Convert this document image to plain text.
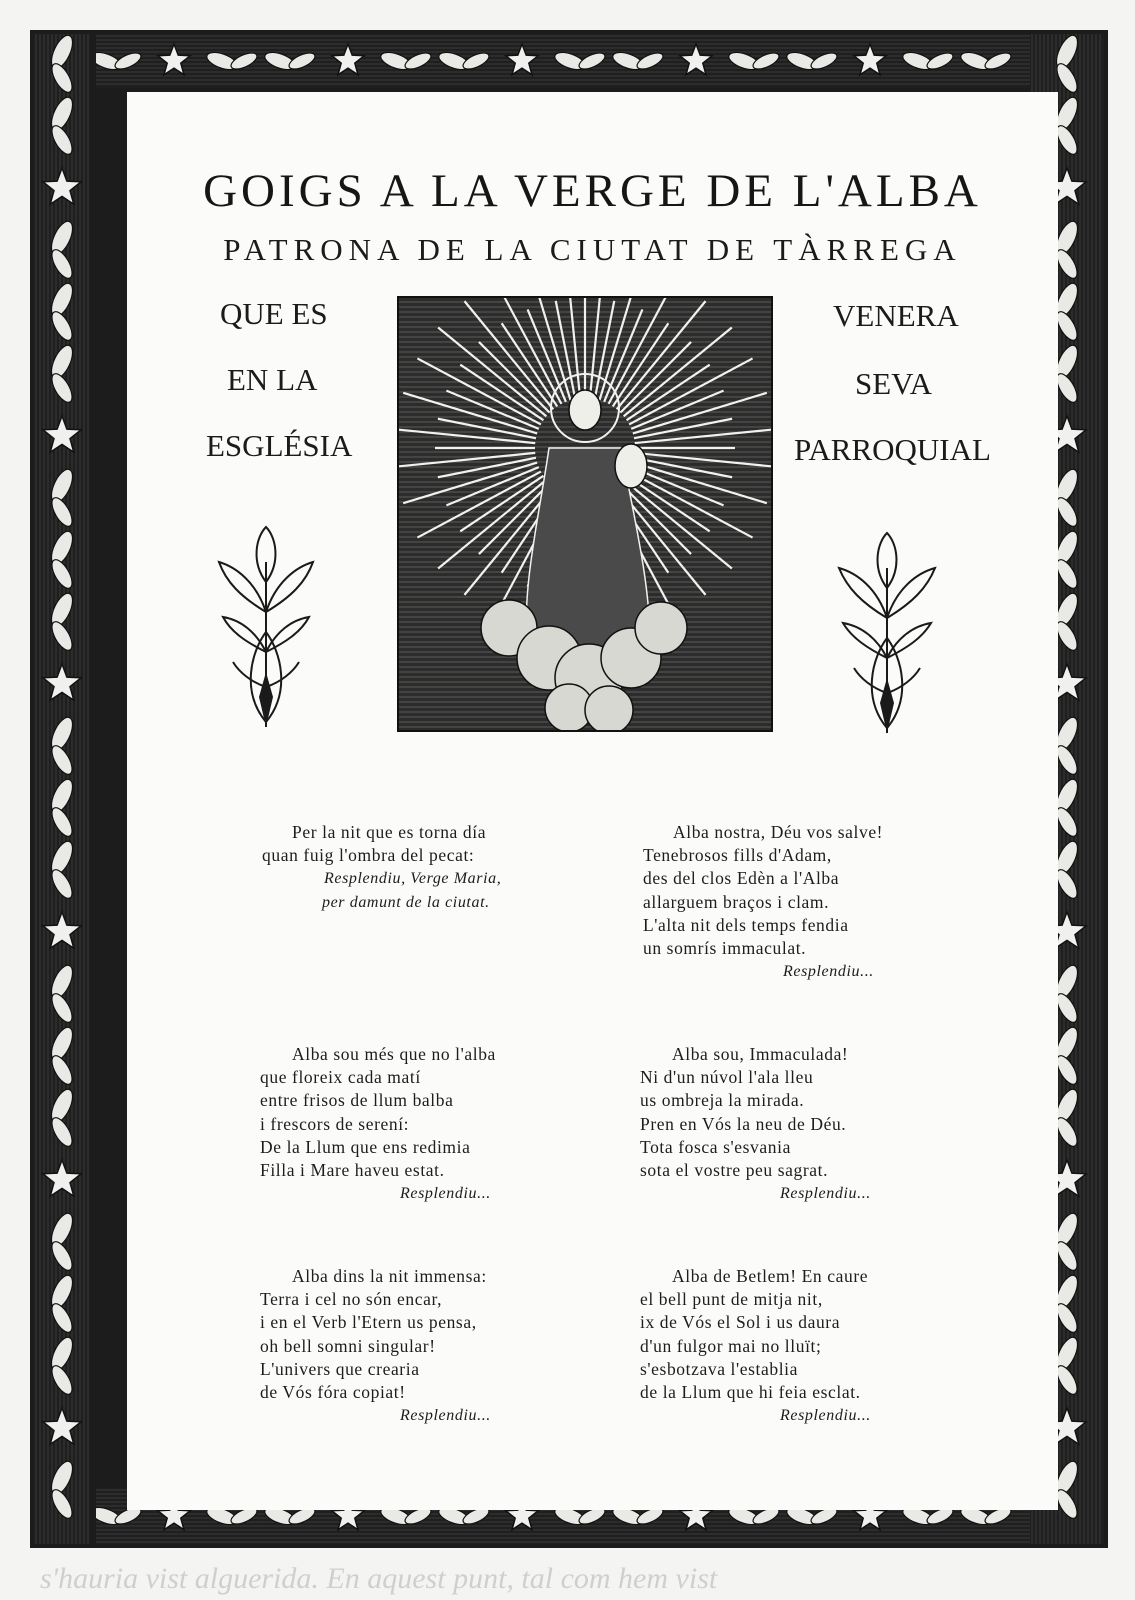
GOIGS A LA VERGE DE L'ALBA
PATRONA DE LA CIUTAT DE TÀRREGA
QUE ES
EN LA
ESGLÉSIA
VENERA
SEVA
PARROQUIAL
Per la nit que es torna día
quan fuig l'ombra del pecat:
Resplendiu, Verge Maria,
per damunt de la ciutat.
Alba nostra, Déu vos salve!
Tenebrosos fills d'Adam,
des del clos Edèn a l'Alba
allarguem braços i clam.
L'alta nit dels temps fendia
un somrís immaculat.
Resplendiu...
Alba sou més que no l'alba
que floreix cada matí
entre frisos de llum balba
i frescors de serení:
De la Llum que ens redimia
Filla i Mare haveu estat.
Resplendiu...
Alba sou, Immaculada!
Ni d'un núvol l'ala lleu
us ombreja la mirada.
Pren en Vós la neu de Déu.
Tota fosca s'esvania
sota el vostre peu sagrat.
Resplendiu...
Alba dins la nit immensa:
Terra i cel no són encar,
i en el Verb l'Etern us pensa,
oh bell somni singular!
L'univers que crearia
de Vós fóra copiat!
Resplendiu...
Alba de Betlem! En caure
el bell punt de mitja nit,
ix de Vós el Sol i us daura
d'un fulgor mai no lluït;
s'esbotzava l'establia
de la Llum que hi feia esclat.
Resplendiu...
s'hauria vist alguerida. En aquest punt, tal com hem vist
